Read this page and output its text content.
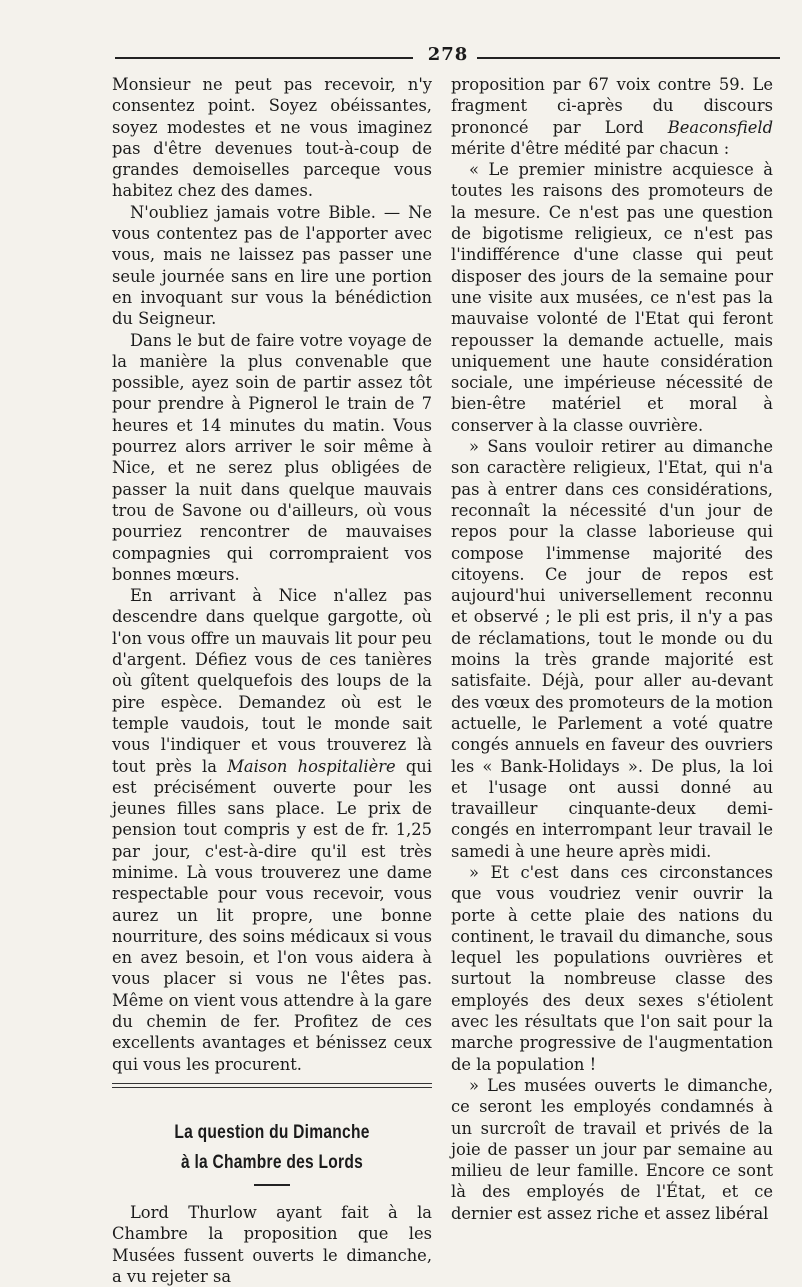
278

Monsieur ne peut pas recevoir, n'y consentez point. Soyez obéissantes, soyez modestes et ne vous imaginez pas d'être devenues tout-à-coup de grandes demoiselles parceque vous habitez chez des dames.

N'oubliez jamais votre Bible. — Ne vous contentez pas de l'apporter avec vous, mais ne laissez pas passer une seule journée sans en lire une portion en invoquant sur vous la bénédiction du Seigneur.

Dans le but de faire votre voyage de la manière la plus convenable que possible, ayez soin de partir assez tôt pour prendre à Pignerol le train de 7 heures et 14 minutes du matin. Vous pourrez alors arriver le soir même à Nice, et ne serez plus obligées de passer la nuit dans quelque mauvais trou de Savone ou d'ailleurs, où vous pourriez rencontrer de mauvaises compagnies qui corrompraient vos bonnes mœurs.

En arrivant à Nice n'allez pas descendre dans quelque gargotte, où l'on vous offre un mauvais lit pour peu d'argent. Défiez vous de ces tanières où gîtent quelquefois des loups de la pire espèce. Demandez où est le temple vaudois, tout le monde sait vous l'indiquer et vous trouverez là tout près la Maison hospitalière qui est précisément ouverte pour les jeunes filles sans place. Le prix de pension tout compris y est de fr. 1,25 par jour, c'est-à-dire qu'il est très minime. Là vous trouverez une dame respectable pour vous recevoir, vous aurez un lit propre, une bonne nourriture, des soins médicaux si vous en avez besoin, et l'on vous aidera à vous placer si vous ne l'êtes pas. Même on vient vous attendre à la gare du chemin de fer. Profitez de ces excellents avantages et bénissez ceux qui vous les procurent.

La question du Dimanche
à la Chambre des Lords

Lord Thurlow ayant fait à la Chambre la proposition que les Musées fussent ouverts le dimanche, a vu rejeter sa

proposition par 67 voix contre 59. Le fragment ci-après du discours prononcé par Lord Beaconsfield mérite d'être médité par chacun :

« Le premier ministre acquiesce à toutes les raisons des promoteurs de la mesure. Ce n'est pas une question de bigotisme religieux, ce n'est pas l'indifférence d'une classe qui peut disposer des jours de la semaine pour une visite aux musées, ce n'est pas la mauvaise volonté de l'Etat qui feront repousser la demande actuelle, mais uniquement une haute considération sociale, une impérieuse nécessité de bien-être matériel et moral à conserver à la classe ouvrière.

» Sans vouloir retirer au dimanche son caractère religieux, l'Etat, qui n'a pas à entrer dans ces considérations, reconnaît la nécessité d'un jour de repos pour la classe laborieuse qui compose l'immense majorité des citoyens. Ce jour de repos est aujourd'hui universellement reconnu et observé ; le pli est pris, il n'y a pas de réclamations, tout le monde ou du moins la très grande majorité est satisfaite. Déjà, pour aller au-devant des vœux des promoteurs de la motion actuelle, le Parlement a voté quatre congés annuels en faveur des ouvriers les « Bank-Holidays ». De plus, la loi et l'usage ont aussi donné au travailleur cinquante-deux demi-congés en interrompant leur travail le samedi à une heure après midi.

» Et c'est dans ces circonstances que vous voudriez venir ouvrir la porte à cette plaie des nations du continent, le travail du dimanche, sous lequel les populations ouvrières et surtout la nombreuse classe des employés des deux sexes s'étiolent avec les résultats que l'on sait pour la marche progressive de l'augmentation de la population !

» Les musées ouverts le dimanche, ce seront les employés condamnés à un surcroît de travail et privés de la joie de passer un jour par semaine au milieu de leur famille. Encore ce sont là des employés de l'État, et ce dernier est assez riche et assez libéral
